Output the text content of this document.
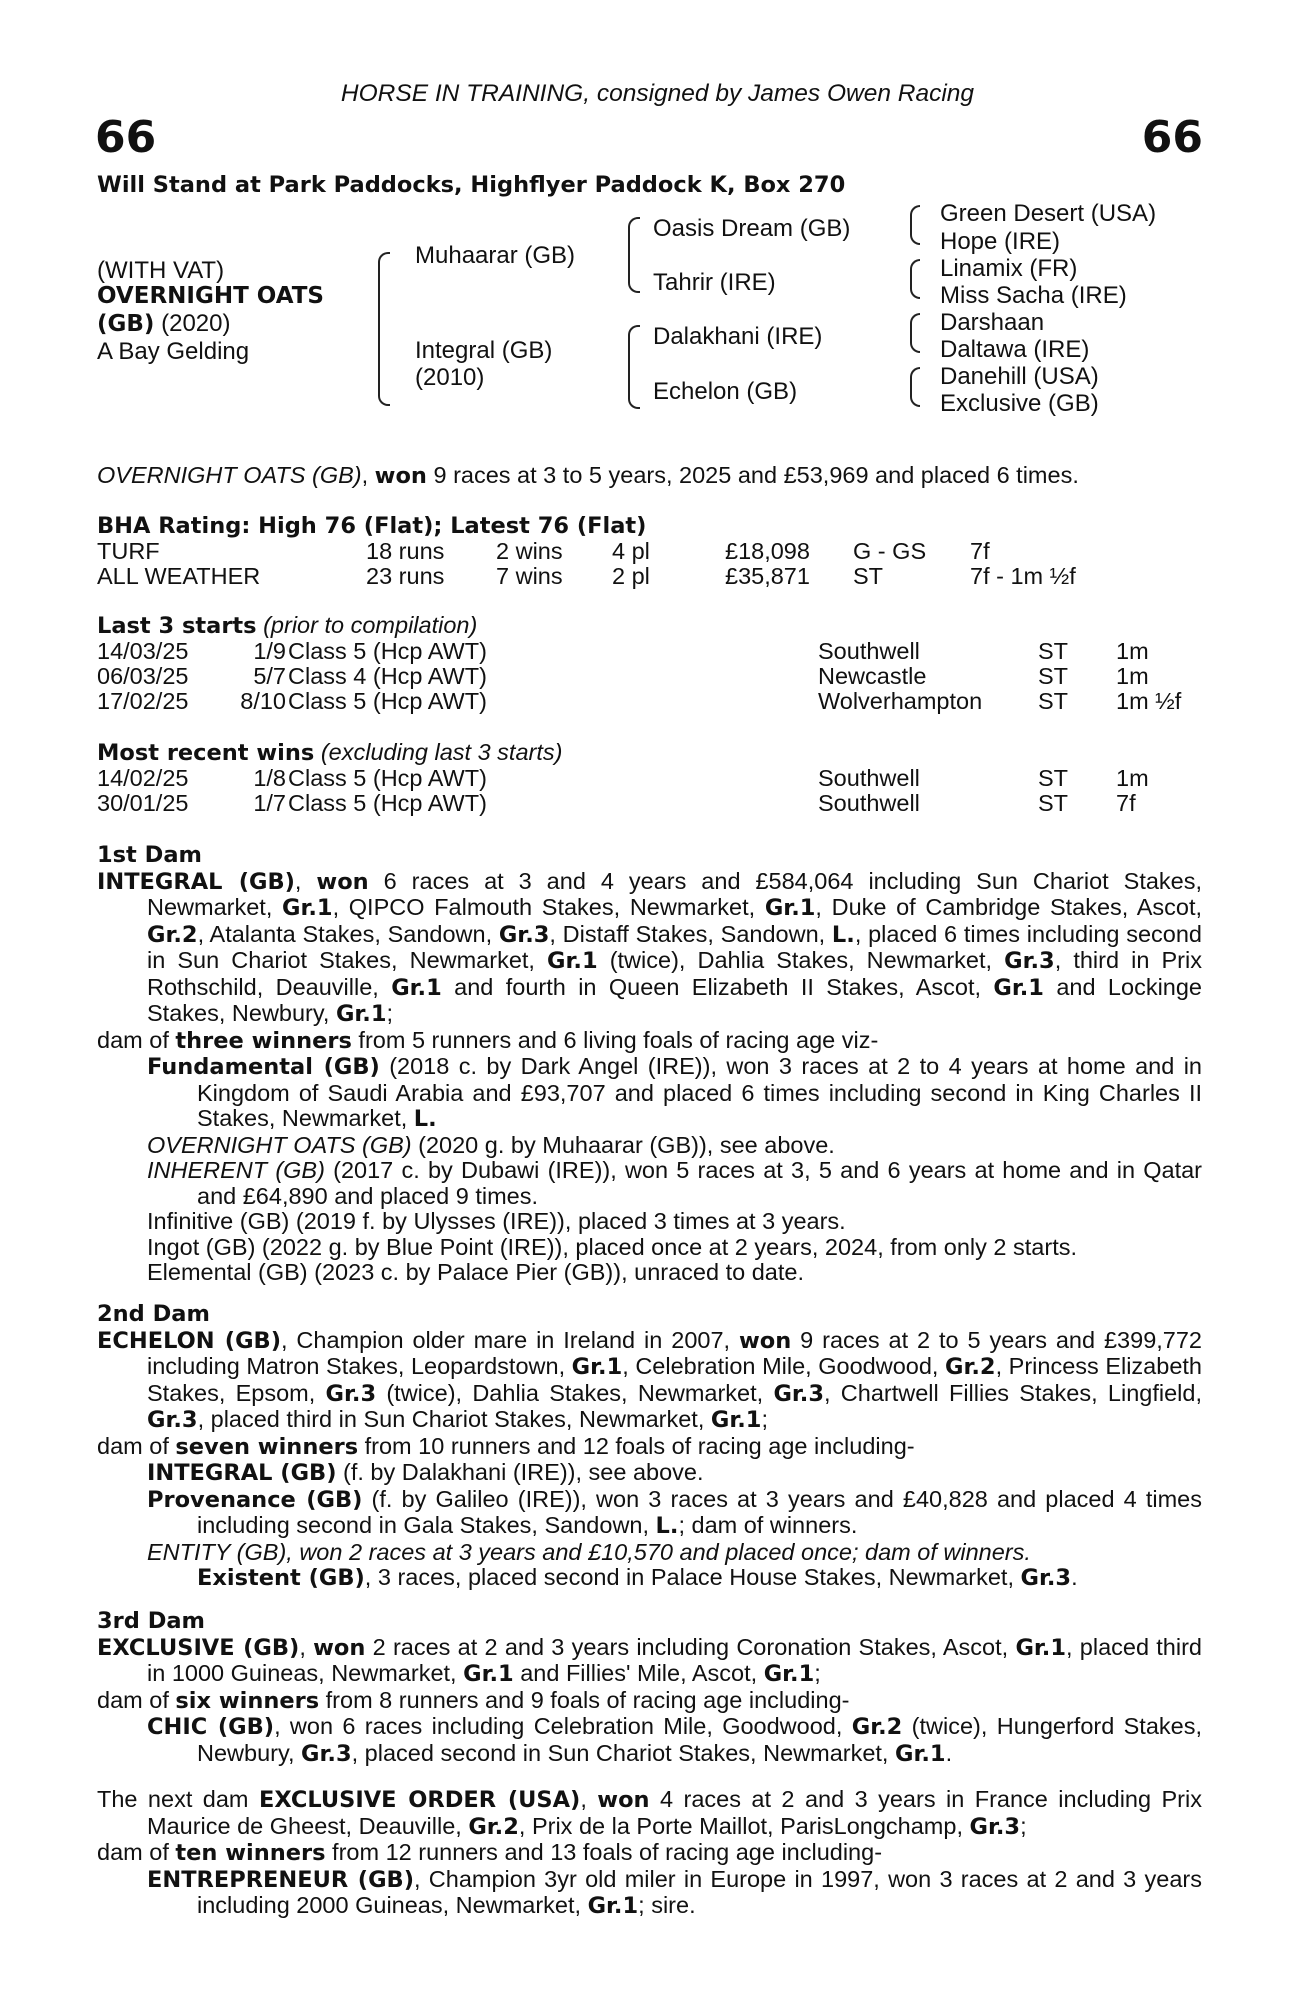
HORSE IN TRAINING, consigned by James Owen Racing
66	66
Will Stand at Park Paddocks, Highflyer Paddock K, Box 270
(WITH VAT)
OVERNIGHT OATS
(GB) (2020)
A Bay Gelding
Muhaarar (GB)
Integral (GB)
(2010)
Oasis Dream (GB)
Tahrir (IRE)
Dalakhani (IRE)
Echelon (GB)
Green Desert (USA)
Hope (IRE)
Linamix (FR)
Miss Sacha (IRE)
Darshaan
Daltawa (IRE)
Danehill (USA)
Exclusive (GB)
OVERNIGHT OATS (GB), won 9 races at 3 to 5 years, 2025 and £53,969 and placed 6 times.
BHA Rating: High 76 (Flat); Latest 76 (Flat)
TURF	18 runs 2 wins 4 pl	£18,098 G - GS 7f
ALL WEATHER	23 runs 7 wins 2 pl	£35,871 ST	7f - 1m ½f
Last 3 starts (prior to compilation)
14/03/25	1/9 Class 5 (Hcp AWT)	Southwell	ST 1m
06/03/25	5/7 Class 4 (Hcp AWT)	Newcastle	ST 1m
17/02/25 8/10 Class 5 (Hcp AWT)	Wolverhampton ST 1m ½f
Most recent wins (excluding last 3 starts)
14/02/25	1/8 Class 5 (Hcp AWT)	Southwell	ST 1m
30/01/25	1/7 Class 5 (Hcp AWT)	Southwell	ST 7f

1st Dam

INTEGRAL (GB), won 6 races at 3 and 4 years and £584,064 including Sun Chariot Stakes, Newmarket, Gr.1, QIPCO Falmouth Stakes, Newmarket, Gr.1, Duke of Cambridge Stakes, Ascot, Gr.2, Atalanta Stakes, Sandown, Gr.3, Distaff Stakes, Sandown, L., placed 6 times including second in Sun Chariot Stakes, Newmarket, Gr.1 (twice), Dahlia Stakes, Newmarket, Gr.3, third in Prix Rothschild, Deauville, Gr.1 and fourth in Queen Elizabeth II Stakes, Ascot, Gr.1 and Lockinge Stakes, Newbury, Gr.1;

dam of three winners from 5 runners and 6 living foals of racing age viz-

Fundamental (GB) (2018 c. by Dark Angel (IRE)), won 3 races at 2 to 4 years at home and in Kingdom of Saudi Arabia and £93,707 and placed 6 times including second in King Charles II Stakes, Newmarket, L.

OVERNIGHT OATS (GB) (2020 g. by Muhaarar (GB)), see above.

INHERENT (GB) (2017 c. by Dubawi (IRE)), won 5 races at 3, 5 and 6 years at home and in Qatar and £64,890 and placed 9 times.

Infinitive (GB) (2019 f. by Ulysses (IRE)), placed 3 times at 3 years.

Ingot (GB) (2022 g. by Blue Point (IRE)), placed once at 2 years, 2024, from only 2 starts.

Elemental (GB) (2023 c. by Palace Pier (GB)), unraced to date.

2nd Dam

ECHELON (GB), Champion older mare in Ireland in 2007, won 9 races at 2 to 5 years and £399,772 including Matron Stakes, Leopardstown, Gr.1, Celebration Mile, Goodwood, Gr.2, Princess Elizabeth Stakes, Epsom, Gr.3 (twice), Dahlia Stakes, Newmarket, Gr.3, Chartwell Fillies Stakes, Lingfield, Gr.3, placed third in Sun Chariot Stakes, Newmarket, Gr.1;

dam of seven winners from 10 runners and 12 foals of racing age including-

INTEGRAL (GB) (f. by Dalakhani (IRE)), see above.

Provenance (GB) (f. by Galileo (IRE)), won 3 races at 3 years and £40,828 and placed 4 times including second in Gala Stakes, Sandown, L.; dam of winners.

ENTITY (GB), won 2 races at 3 years and £10,570 and placed once; dam of winners.

Existent (GB), 3 races, placed second in Palace House Stakes, Newmarket, Gr.3.

3rd Dam

EXCLUSIVE (GB), won 2 races at 2 and 3 years including Coronation Stakes, Ascot, Gr.1, placed third in 1000 Guineas, Newmarket, Gr.1 and Fillies' Mile, Ascot, Gr.1;

dam of six winners from 8 runners and 9 foals of racing age including-

CHIC (GB), won 6 races including Celebration Mile, Goodwood, Gr.2 (twice), Hungerford Stakes, Newbury, Gr.3, placed second in Sun Chariot Stakes, Newmarket, Gr.1.

The next dam EXCLUSIVE ORDER (USA), won 4 races at 2 and 3 years in France including Prix Maurice de Gheest, Deauville, Gr.2, Prix de la Porte Maillot, ParisLongchamp, Gr.3;

dam of ten winners from 12 runners and 13 foals of racing age including-

ENTREPRENEUR (GB), Champion 3yr old miler in Europe in 1997, won 3 races at 2 and 3 years including 2000 Guineas, Newmarket, Gr.1; sire.
